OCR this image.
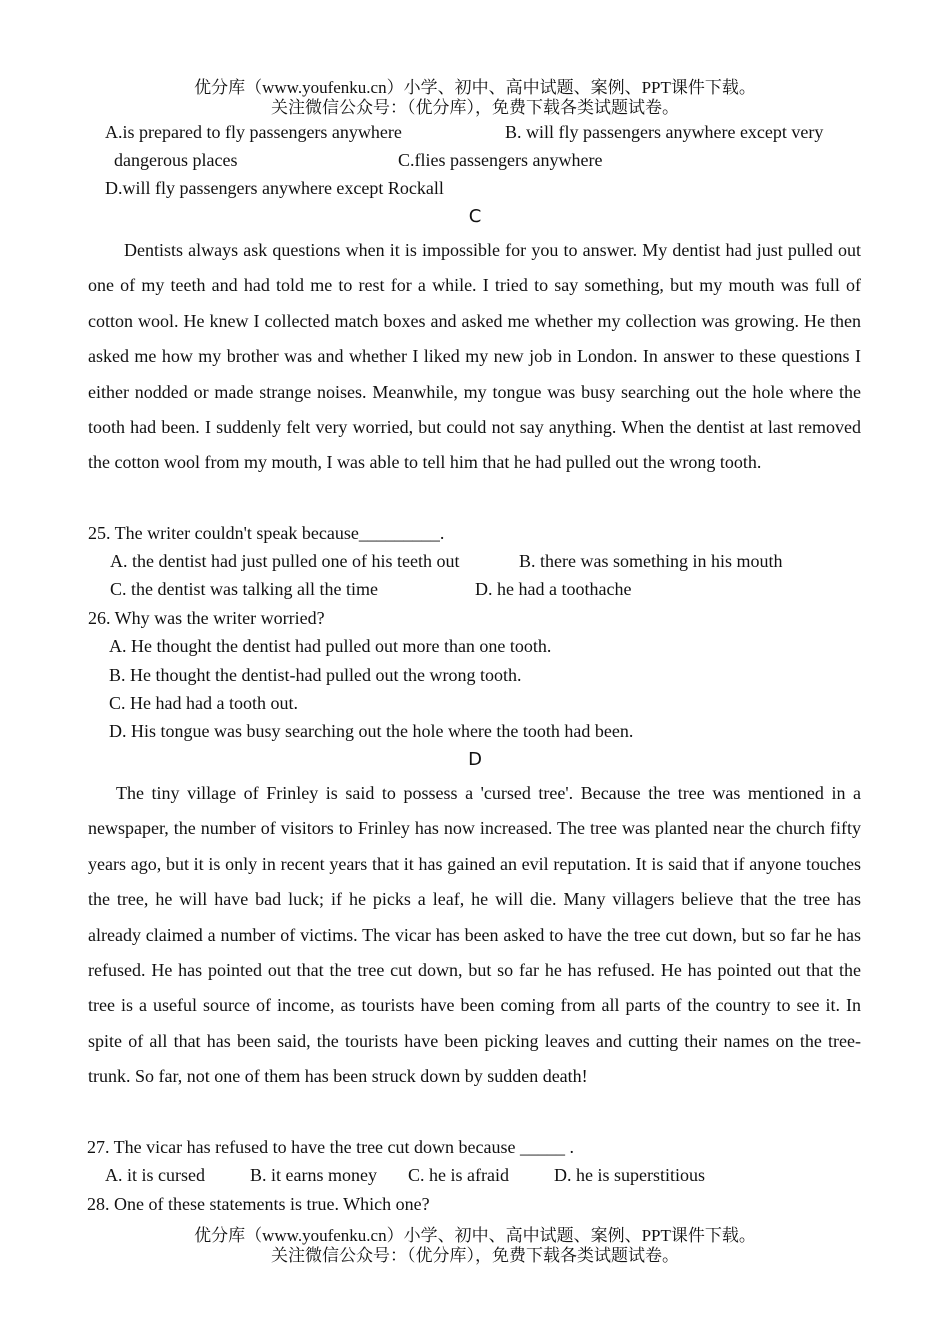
优分库（www.youfenku.cn）小学、初中、高中试题、案例、PPT课件下载。
关注微信公众号：（优分库），免费下载各类试题试卷。
A.is prepared to fly passengers anywhere	B. will fly passengers anywhere except very
dangerous places	C.flies passengers anywhere
D.will fly passengers anywhere except Rockall
C

Dentists always ask questions when it is impossible for you to answer. My dentist had just pulled out one of my teeth and had told me to rest for a while. I tried to say something, but my mouth was full of cotton wool. He knew I collected match boxes and asked me whether my collection was growing. He then asked me how my brother was and whether I liked my new job in London. In answer to these questions I either nodded or made strange noises. Meanwhile, my tongue was busy searching out the hole where the tooth had been. I suddenly felt very worried, but could not say anything. When the dentist at last removed the cotton wool from my mouth, I was able to tell him that he had pulled out the wrong tooth.

25. The writer couldn't speak because_________.
A. the dentist had just pulled one of his teeth out	B. there was something in his mouth
C. the dentist was talking all the time	D. he had a toothache
26. Why was the writer worried?
A. He thought the dentist had pulled out more than one tooth.
B. He thought the dentist-had pulled out the wrong tooth.
C. He had had a tooth out.
D. His tongue was busy searching out the hole where the tooth had been.
D

The tiny village of Frinley is said to possess a 'cursed tree'. Because the tree was mentioned in a newspaper, the number of visitors to Frinley has now increased. The tree was planted near the church fifty years ago, but it is only in recent years that it has gained an evil reputation. It is said that if anyone touches the tree, he will have bad luck; if he picks a leaf, he will die. Many villagers believe that the tree has already claimed a number of victims. The vicar has been asked to have the tree cut down, but so far he has refused. He has pointed out that the tree cut down, but so far he has refused. He has pointed out that the tree is a useful source of income, as tourists have been coming from all parts of the country to see it. In spite of all that has been said, the tourists have been picking leaves and cutting their names on the tree-trunk. So far, not one of them has been struck down by sudden death!

27. The vicar has refused to have the tree cut down because _____ .
A. it is cursed	B. it earns money C. he is afraid	D. he is superstitious
28. One of these statements is true. Which one?
优分库（www.youfenku.cn）小学、初中、高中试题、案例、PPT课件下载。
关注微信公众号：（优分库），免费下载各类试题试卷。
